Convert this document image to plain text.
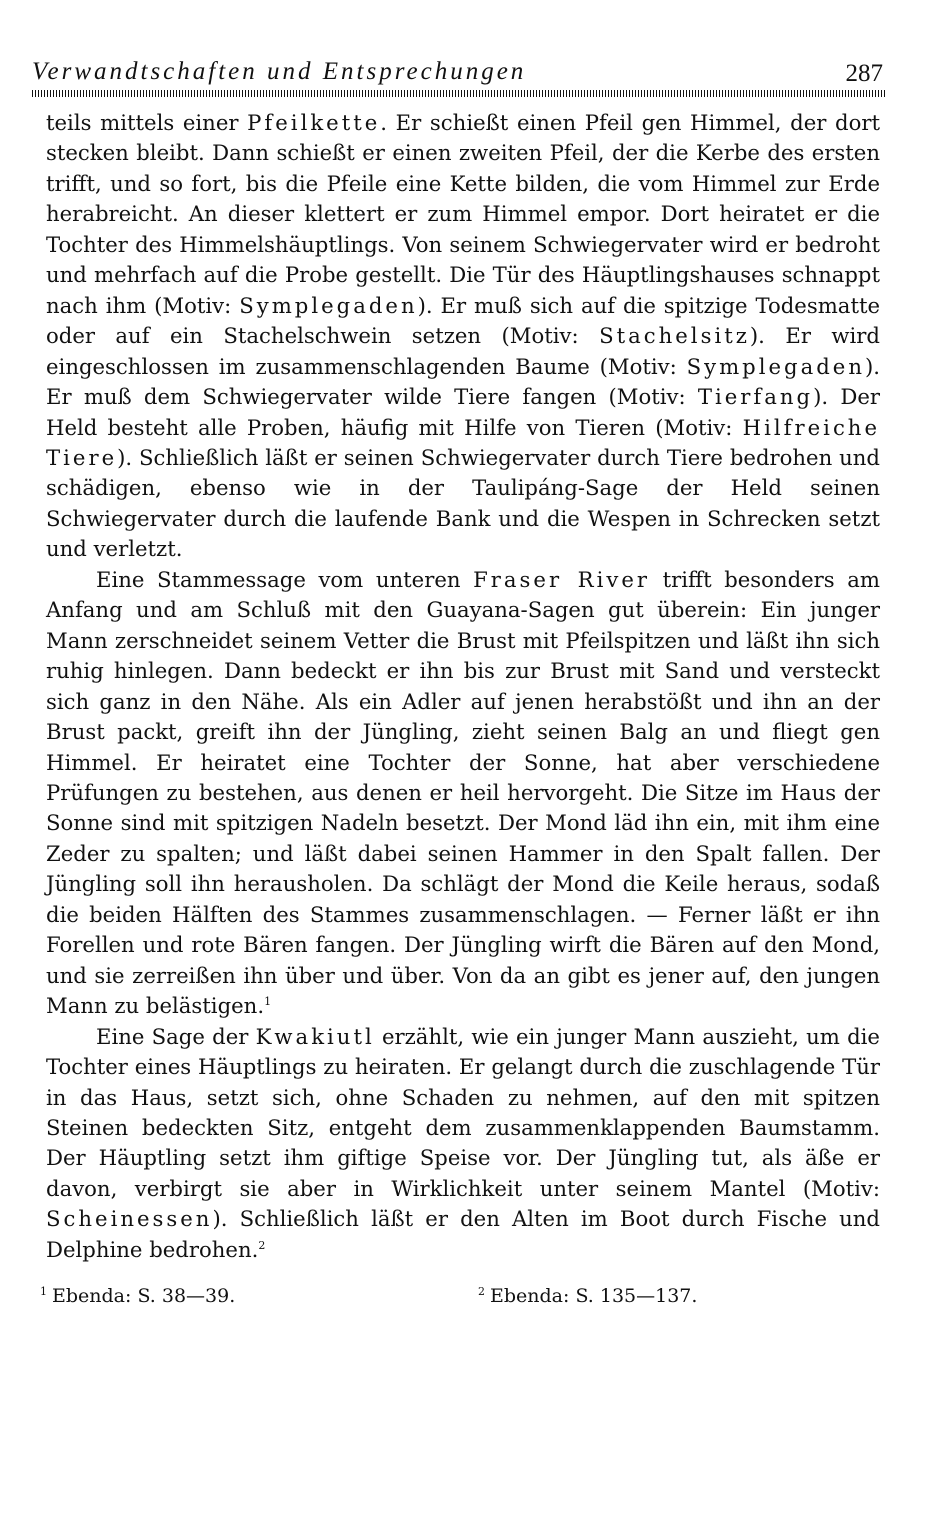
Verwandtschaften und Entsprechungen	287

teils mittels einer Pfeilkette. Er schießt einen Pfeil gen Himmel, der dort stecken bleibt. Dann schießt er einen zweiten Pfeil, der die Kerbe des ersten trifft, und so fort, bis die Pfeile eine Kette bilden, die vom Himmel zur Erde herabreicht. An dieser klettert er zum Himmel empor. Dort heiratet er die Tochter des Himmelshäuptlings. Von seinem Schwiegervater wird er bedroht und mehrfach auf die Probe gestellt. Die Tür des Häuptlingshauses schnappt nach ihm (Motiv: Symplegaden). Er muß sich auf die spitzige Todesmatte oder auf ein Stachelschwein setzen (Motiv: Stachelsitz). Er wird eingeschlossen im zusammenschlagenden Baume (Motiv: Symplegaden). Er muß dem Schwiegervater wilde Tiere fangen (Motiv: Tierfang). Der Held besteht alle Proben, häufig mit Hilfe von Tieren (Motiv: Hilfreiche Tiere). Schließlich läßt er seinen Schwiegervater durch Tiere bedrohen und schädigen, ebenso wie in der Taulipáng-Sage der Held seinen Schwiegervater durch die laufende Bank und die Wespen in Schrecken setzt und verletzt.

Eine Stammessage vom unteren Fraser River trifft besonders am Anfang und am Schluß mit den Guayana-Sagen gut überein: Ein junger Mann zerschneidet seinem Vetter die Brust mit Pfeilspitzen und läßt ihn sich ruhig hinlegen. Dann bedeckt er ihn bis zur Brust mit Sand und versteckt sich ganz in den Nähe. Als ein Adler auf jenen herabstößt und ihn an der Brust packt, greift ihn der Jüngling, zieht seinen Balg an und fliegt gen Himmel. Er heiratet eine Tochter der Sonne, hat aber verschiedene Prüfungen zu bestehen, aus denen er heil hervorgeht. Die Sitze im Haus der Sonne sind mit spitzigen Nadeln besetzt. Der Mond läd ihn ein, mit ihm eine Zeder zu spalten; und läßt dabei seinen Hammer in den Spalt fallen. Der Jüngling soll ihn herausholen. Da schlägt der Mond die Keile heraus, sodaß die beiden Hälften des Stammes zusammenschlagen. — Ferner läßt er ihn Forellen und rote Bären fangen. Der Jüngling wirft die Bären auf den Mond, und sie zerreißen ihn über und über. Von da an gibt es jener auf, den jungen Mann zu belästigen.$^1$

Eine Sage der Kwakiutl erzählt, wie ein junger Mann auszieht, um die Tochter eines Häuptlings zu heiraten. Er gelangt durch die zuschlagende Tür in das Haus, setzt sich, ohne Schaden zu nehmen, auf den mit spitzen Steinen bedeckten Sitz, entgeht dem zusammenklappenden Baumstamm. Der Häuptling setzt ihm giftige Speise vor. Der Jüngling tut, als äße er davon, verbirgt sie aber in Wirklichkeit unter seinem Mantel (Motiv: Scheinessen). Schließlich läßt er den Alten im Boot durch Fische und Delphine bedrohen.$^2$

$^1$ Ebenda: S. 38—39.	$^2$ Ebenda: S. 135—137.
